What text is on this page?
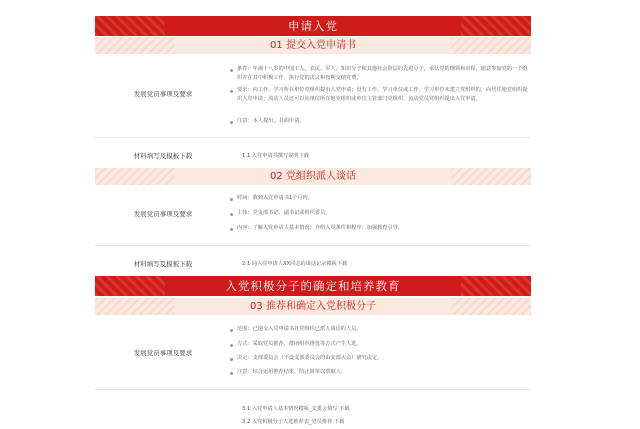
申请入党
01 提交入党申请书
发展党员事项及要求
条件：年满十八岁的中国工人、农民、军人、知识分子和其他社会阶层的先进分子，承认党的纲领和章程，愿意参加党的一个组织并在其中积极工作、执行党的决议和按期交纳党费。
要求：向工作、学习所在单位党组织提出入党申请；没有工作、学习单位或工作、学习单位未建立党组织的，向居住地党组织提出入党申请；流动人员还可以向单位所在地党组织或单位主管部门党组织、流动党员党组织提出入党申请。
注意：本人提出，书面申请。
材料填写及模板下载	1.1 入党申请书撰写说明下载
02 党组织派人谈话
发展党员事项及要求
时间：收到入党申请书1个月内。
主体：党支部书记、副书记或组织委员。
内容：了解入党申请人基本情况；介绍入党条件和程序；加强教育引导。
材料填写及模板下载	2.1 同入党申请人XX同志的谈话记录模板下载
入党积极分子的确定和培养教育
03 推荐和确定入党积极分子
发展党员事项及要求
范围：已递交入党申请书且党组织已派人谈话的人员。
方式：采取党员推荐、群团组织推优等方式产生人选。
决定：支部委员会（不设支部委员会的由支部大会）研究决定。
注意：综合运用推荐结果，防止简单以票取人。
3.1 入党申请人基本情况模板_支委会填写 下载
3.2 入党积极分子人选推荐表_党员推荐 下载
